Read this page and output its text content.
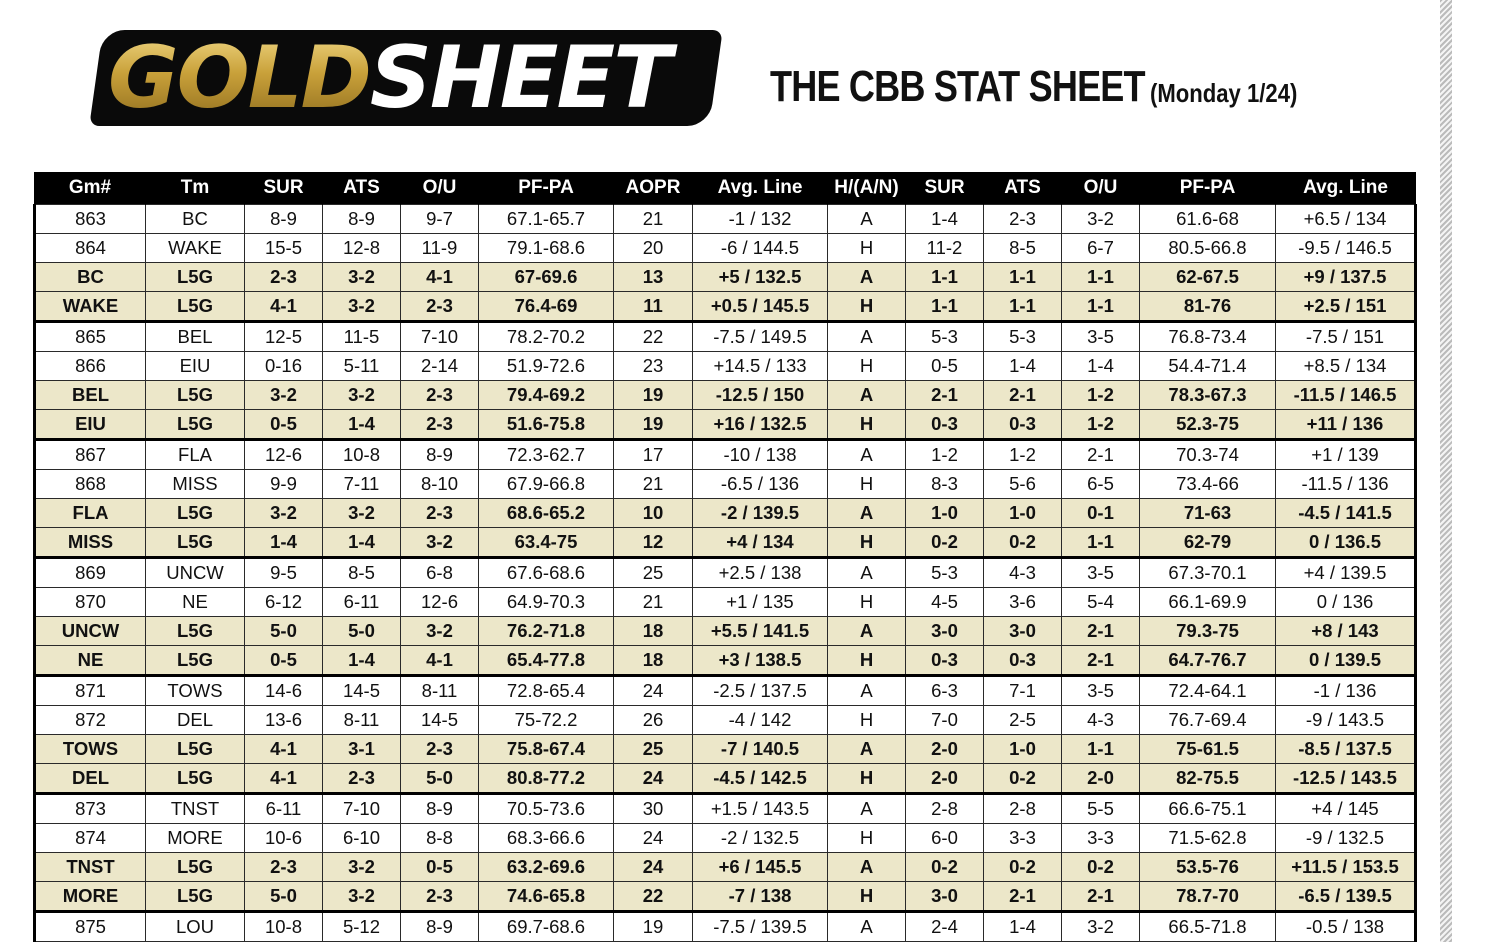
GOLDSHEET THE CBB STAT SHEET (Monday 1/24)
Gm#	Tm	SUR	ATS	O/U	PF-PA	AOPR	Avg. Line	H/(A/N)	SUR	ATS	O/U	PF-PA	Avg. Line
863	BC	8-9	8-9	9-7	67.1-65.7	21	-1 / 132	A	1-4	2-3	3-2	61.6-68	+6.5 / 134
864	WAKE	15-5	12-8	11-9	79.1-68.6	20	-6 / 144.5	H	11-2	8-5	6-7	80.5-66.8	-9.5 / 146.5
BC	L5G	2-3	3-2	4-1	67-69.6	13	+5 / 132.5	A	1-1	1-1	1-1	62-67.5	+9 / 137.5
WAKE	L5G	4-1	3-2	2-3	76.4-69	11	+0.5 / 145.5	H	1-1	1-1	1-1	81-76	+2.5 / 151
865	BEL	12-5	11-5	7-10	78.2-70.2	22	-7.5 / 149.5	A	5-3	5-3	3-5	76.8-73.4	-7.5 / 151
866	EIU	0-16	5-11	2-14	51.9-72.6	23	+14.5 / 133	H	0-5	1-4	1-4	54.4-71.4	+8.5 / 134
BEL	L5G	3-2	3-2	2-3	79.4-69.2	19	-12.5 / 150	A	2-1	2-1	1-2	78.3-67.3	-11.5 / 146.5
EIU	L5G	0-5	1-4	2-3	51.6-75.8	19	+16 / 132.5	H	0-3	0-3	1-2	52.3-75	+11 / 136
867	FLA	12-6	10-8	8-9	72.3-62.7	17	-10 / 138	A	1-2	1-2	2-1	70.3-74	+1 / 139
868	MISS	9-9	7-11	8-10	67.9-66.8	21	-6.5 / 136	H	8-3	5-6	6-5	73.4-66	-11.5 / 136
FLA	L5G	3-2	3-2	2-3	68.6-65.2	10	-2 / 139.5	A	1-0	1-0	0-1	71-63	-4.5 / 141.5
MISS	L5G	1-4	1-4	3-2	63.4-75	12	+4 / 134	H	0-2	0-2	1-1	62-79	0 / 136.5
869	UNCW	9-5	8-5	6-8	67.6-68.6	25	+2.5 / 138	A	5-3	4-3	3-5	67.3-70.1	+4 / 139.5
870	NE	6-12	6-11	12-6	64.9-70.3	21	+1 / 135	H	4-5	3-6	5-4	66.1-69.9	0 / 136
UNCW	L5G	5-0	5-0	3-2	76.2-71.8	18	+5.5 / 141.5	A	3-0	3-0	2-1	79.3-75	+8 / 143
NE	L5G	0-5	1-4	4-1	65.4-77.8	18	+3 / 138.5	H	0-3	0-3	2-1	64.7-76.7	0 / 139.5
871	TOWS	14-6	14-5	8-11	72.8-65.4	24	-2.5 / 137.5	A	6-3	7-1	3-5	72.4-64.1	-1 / 136
872	DEL	13-6	8-11	14-5	75-72.2	26	-4 / 142	H	7-0	2-5	4-3	76.7-69.4	-9 / 143.5
TOWS	L5G	4-1	3-1	2-3	75.8-67.4	25	-7 / 140.5	A	2-0	1-0	1-1	75-61.5	-8.5 / 137.5
DEL	L5G	4-1	2-3	5-0	80.8-77.2	24	-4.5 / 142.5	H	2-0	0-2	2-0	82-75.5	-12.5 / 143.5
873	TNST	6-11	7-10	8-9	70.5-73.6	30	+1.5 / 143.5	A	2-8	2-8	5-5	66.6-75.1	+4 / 145
874	MORE	10-6	6-10	8-8	68.3-66.6	24	-2 / 132.5	H	6-0	3-3	3-3	71.5-62.8	-9 / 132.5
TNST	L5G	2-3	3-2	0-5	63.2-69.6	24	+6 / 145.5	A	0-2	0-2	0-2	53.5-76	+11.5 / 153.5
MORE	L5G	5-0	3-2	2-3	74.6-65.8	22	-7 / 138	H	3-0	2-1	2-1	78.7-70	-6.5 / 139.5
875	LOU	10-8	5-12	8-9	69.7-68.6	19	-7.5 / 139.5	A	2-4	1-4	3-2	66.5-71.8	-0.5 / 138
